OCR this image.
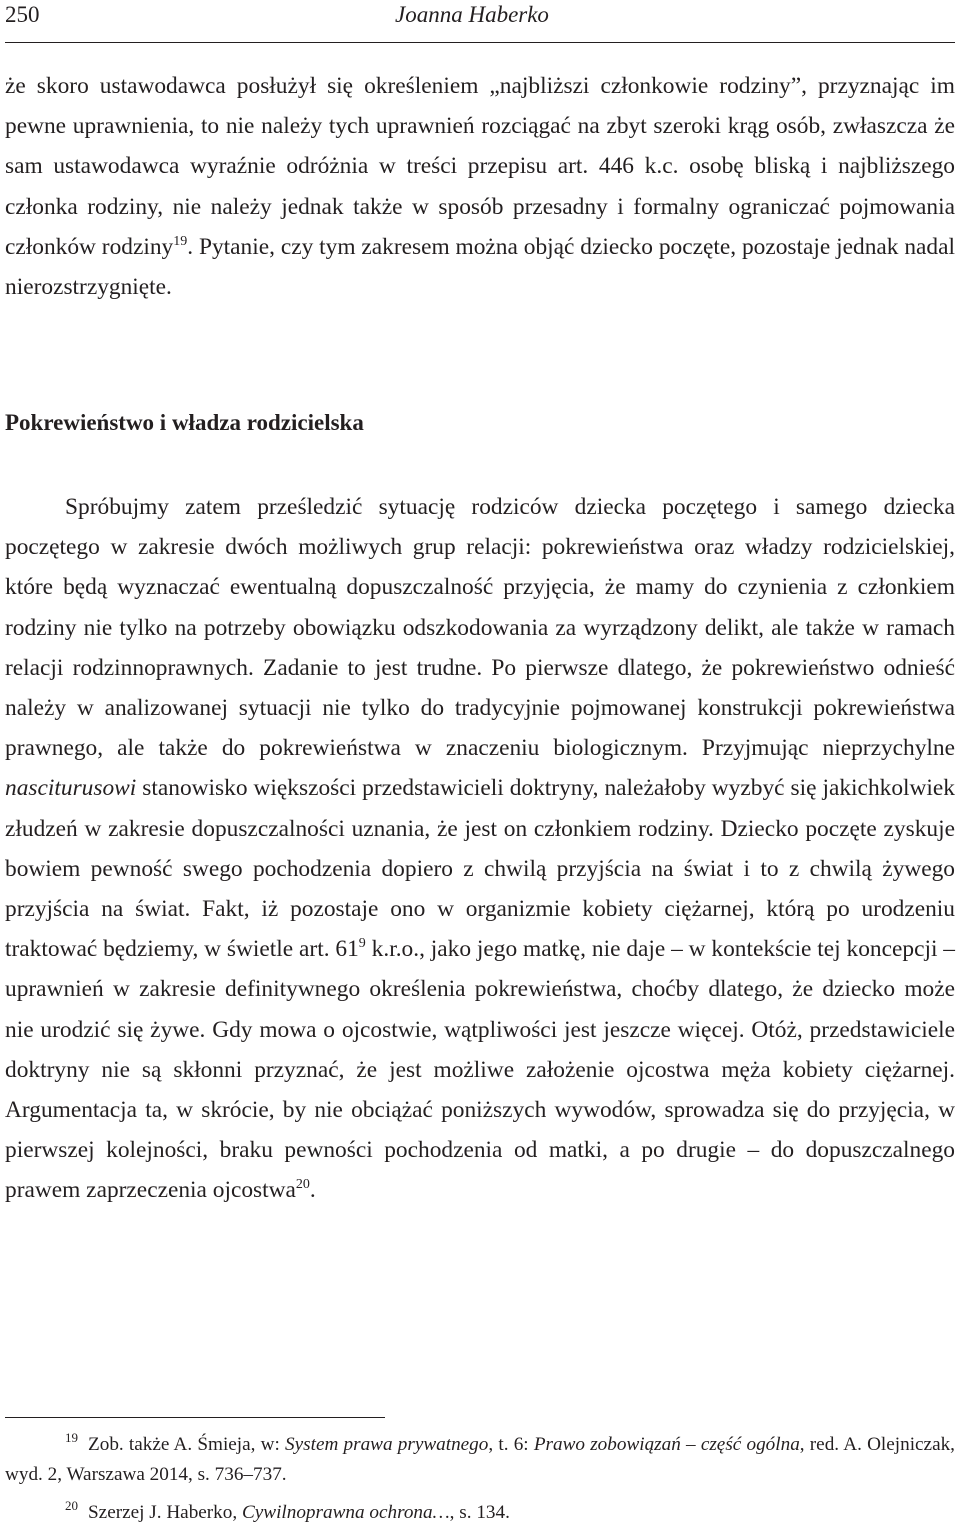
250	Joanna Haberko

że skoro ustawodawca posłużył się określeniem „najbliższi członkowie rodziny”, przyznając im pewne uprawnienia, to nie należy tych uprawnień rozciągać na zbyt szeroki krąg osób, zwłaszcza że sam ustawodawca wyraźnie odróżnia w treści przepisu art. 446 k.c. osobę bliską i najbliższego członka rodziny, nie należy jednak także w sposób przesadny i formalny ograniczać pojmowania członków rodziny$^{19}$. Pytanie, czy tym zakresem można objąć dziecko poczęte, pozostaje jednak nadal nierozstrzygnięte.

Pokrewieństwo i władza rodzicielska

Spróbujmy zatem prześledzić sytuację rodziców dziecka poczętego i samego dziecka poczętego w zakresie dwóch możliwych grup relacji: pokrewieństwa oraz władzy rodzicielskiej, które będą wyznaczać ewentualną dopuszczalność przyjęcia, że mamy do czynienia z członkiem rodziny nie tylko na potrzeby obowiązku odszkodowania za wyrządzony delikt, ale także w ramach relacji rodzinnoprawnych. Zadanie to jest trudne. Po pierwsze dlatego, że pokrewieństwo odnieść należy w analizowanej sytuacji nie tylko do tradycyjnie pojmowanej konstrukcji pokrewieństwa prawnego, ale także do pokrewieństwa w znaczeniu biologicznym. Przyjmując nieprzychylne nasciturusowi stanowisko większości przedstawicieli doktryny, należałoby wyzbyć się jakichkolwiek złudzeń w zakresie dopuszczalności uznania, że jest on członkiem rodziny. Dziecko poczęte zyskuje bowiem pewność swego pochodzenia dopiero z chwilą przyjścia na świat i to z chwilą żywego przyjścia na świat. Fakt, iż pozostaje ono w organizmie kobiety ciężarnej, którą po urodzeniu traktować będziemy, w świetle art. $61^9$ k.r.o., jako jego matkę, nie daje – w kontekście tej koncepcji – uprawnień w zakresie definitywnego określenia pokrewieństwa, choćby dlatego, że dziecko może nie urodzić się żywe. Gdy mowa o ojcostwie, wątpliwości jest jeszcze więcej. Otóż, przedstawiciele doktryny nie są skłonni przyznać, że jest możliwe założenie ojcostwa męża kobiety ciężarnej. Argumentacja ta, w skrócie, by nie obciążać poniższych wywodów, sprowadza się do przyjęcia, w pierwszej kolejności, braku pewności pochodzenia od matki, a po drugie – do dopuszczalnego prawem zaprzeczenia ojcostwa$^{20}$.

$^{19}$ Zob. także A. Śmieja, w: System prawa prywatnego, t. 6: Prawo zobowiązań – część ogólna, red. A. Olejniczak, wyd. 2, Warszawa 2014, s. 736–737.

$^{20}$ Szerzej J. Haberko, Cywilnoprawna ochrona…, s. 134.
